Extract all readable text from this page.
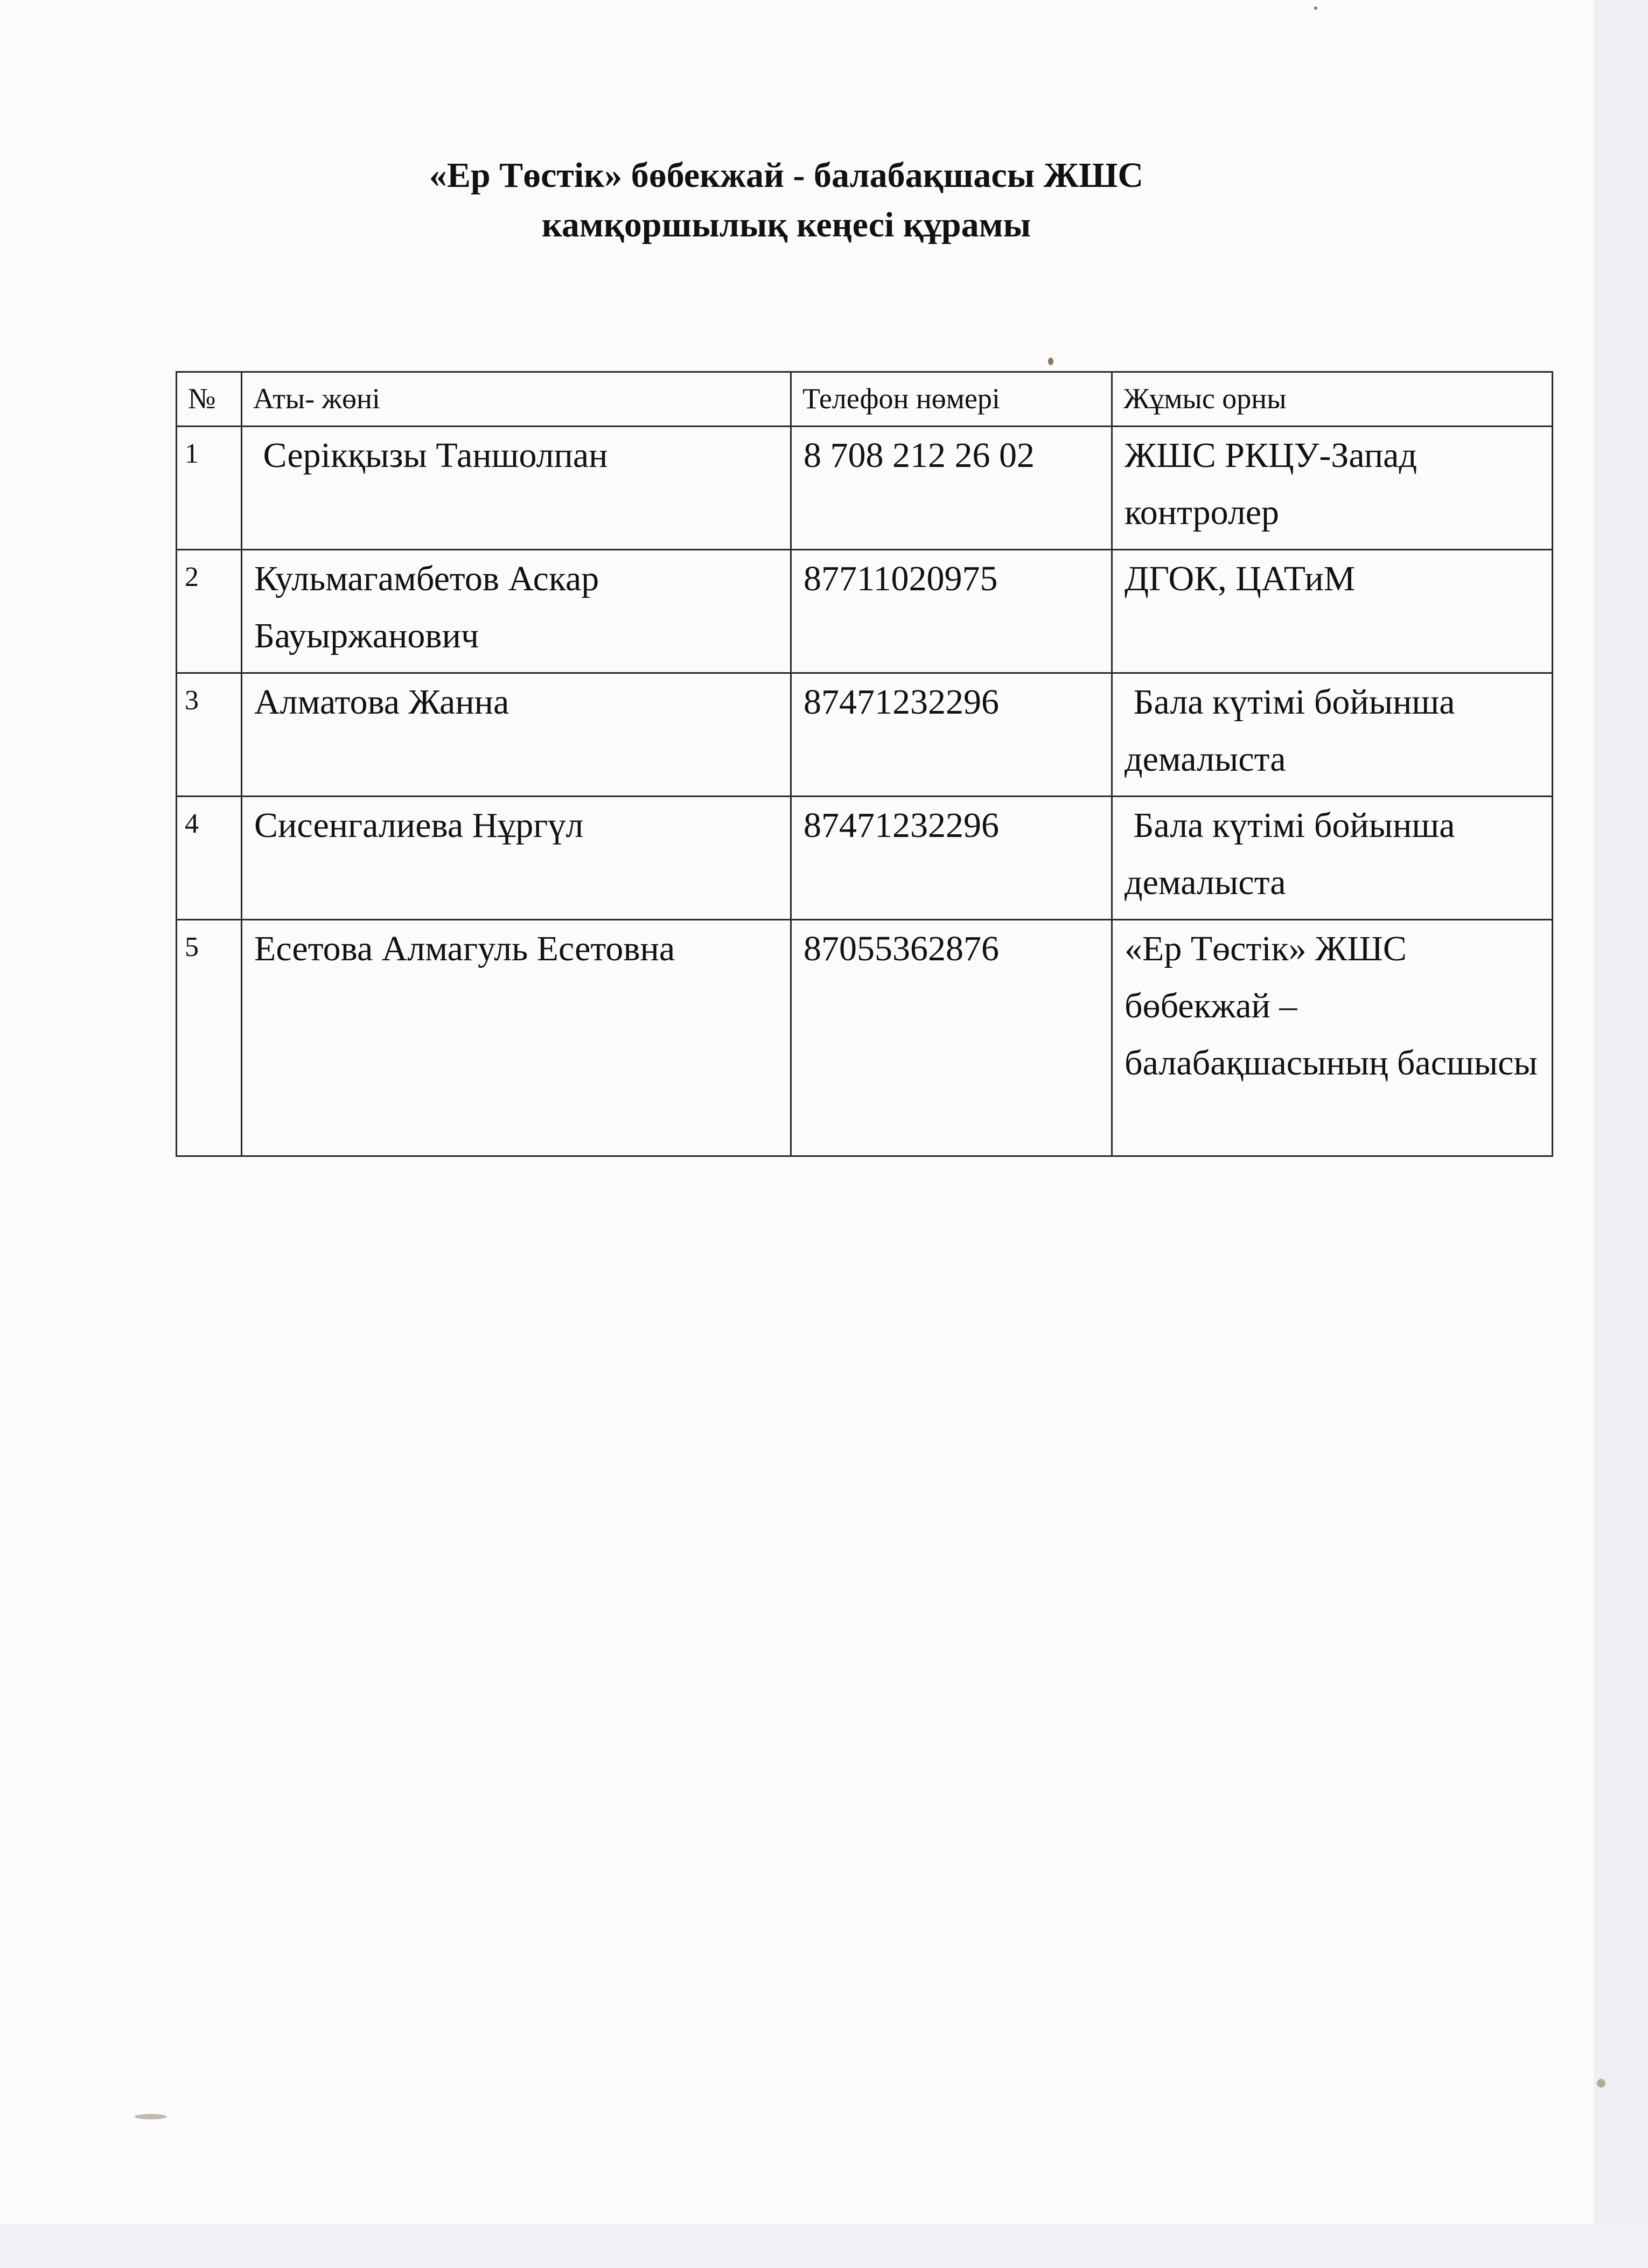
«Ер Төстік» бөбекжай - балабақшасы ЖШС
камқоршылық кеңесі құрамы
№	Аты- жөні	Телефон нөмері	Жұмыс орны
1	Серікқызы Таншолпан	8 708 212 26 02	ЖШС РКЦУ-Запад контролер
2	Кульмагамбетов Аскар Бауыржанович	87711020975	ДГОК, ЦАТиМ
3	Алматова Жанна	87471232296	Бала күтімі бойынша демалыста

4	Сисенгалиева Нұргүл	87471232296	Бала күтімі бойынша демалыста

5	Есетова Алмагуль Есетовна	87055362876	«Ер Төстік» ЖШС бөбекжай – балабақшасының басшысы
